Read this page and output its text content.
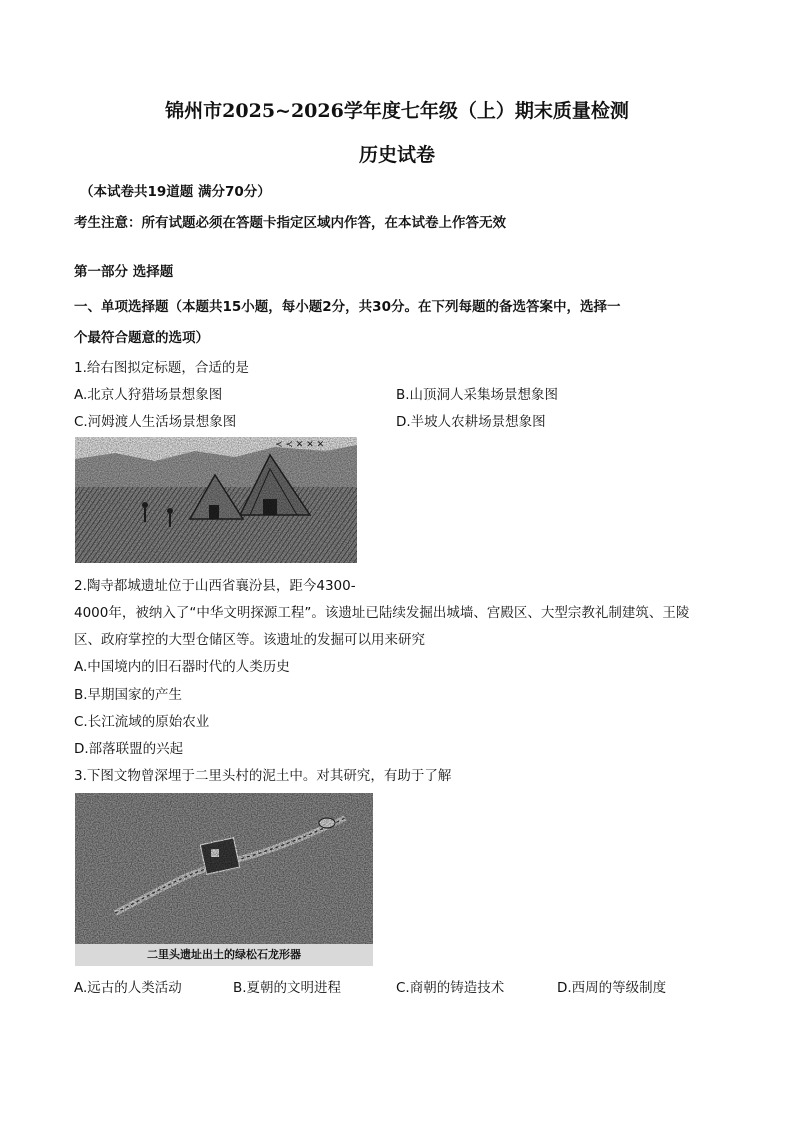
锦州市2025~2026学年度七年级（上）期末质量检测
历史试卷
（本试卷共19道题 满分70分）
考生注意：所有试题必须在答题卡指定区域内作答，在本试卷上作答无效
第一部分 选择题
一、单项选择题（本题共15小题，每小题2分，共30分。在下列每题的备选答案中，选择一
个最符合题意的选项）
1.给右图拟定标题，合适的是
A.北京人狩猎场景想象图	B.山顶洞人采集场景想象图
C.河姆渡人生活场景想象图	D.半坡人农耕场景想象图
2.陶寺都城遗址位于山西省襄汾县，距今4300-
4000年，被纳入了“中华文明探源工程”。该遗址已陆续发掘出城墙、宫殿区、大型宗教礼制建筑、王陵
区、政府掌控的大型仓储区等。该遗址的发掘可以用来研究
A.中国境内的旧石器时代的人类历史
B.早期国家的产生
C.长江流域的原始农业
D.部落联盟的兴起
3.下图文物曾深埋于二里头村的泥土中。对其研究，有助于了解
二里头遗址出土的绿松石龙形器
A.远古的人类活动	B.夏朝的文明进程	C.商朝的铸造技术	D.西周的等级制度
